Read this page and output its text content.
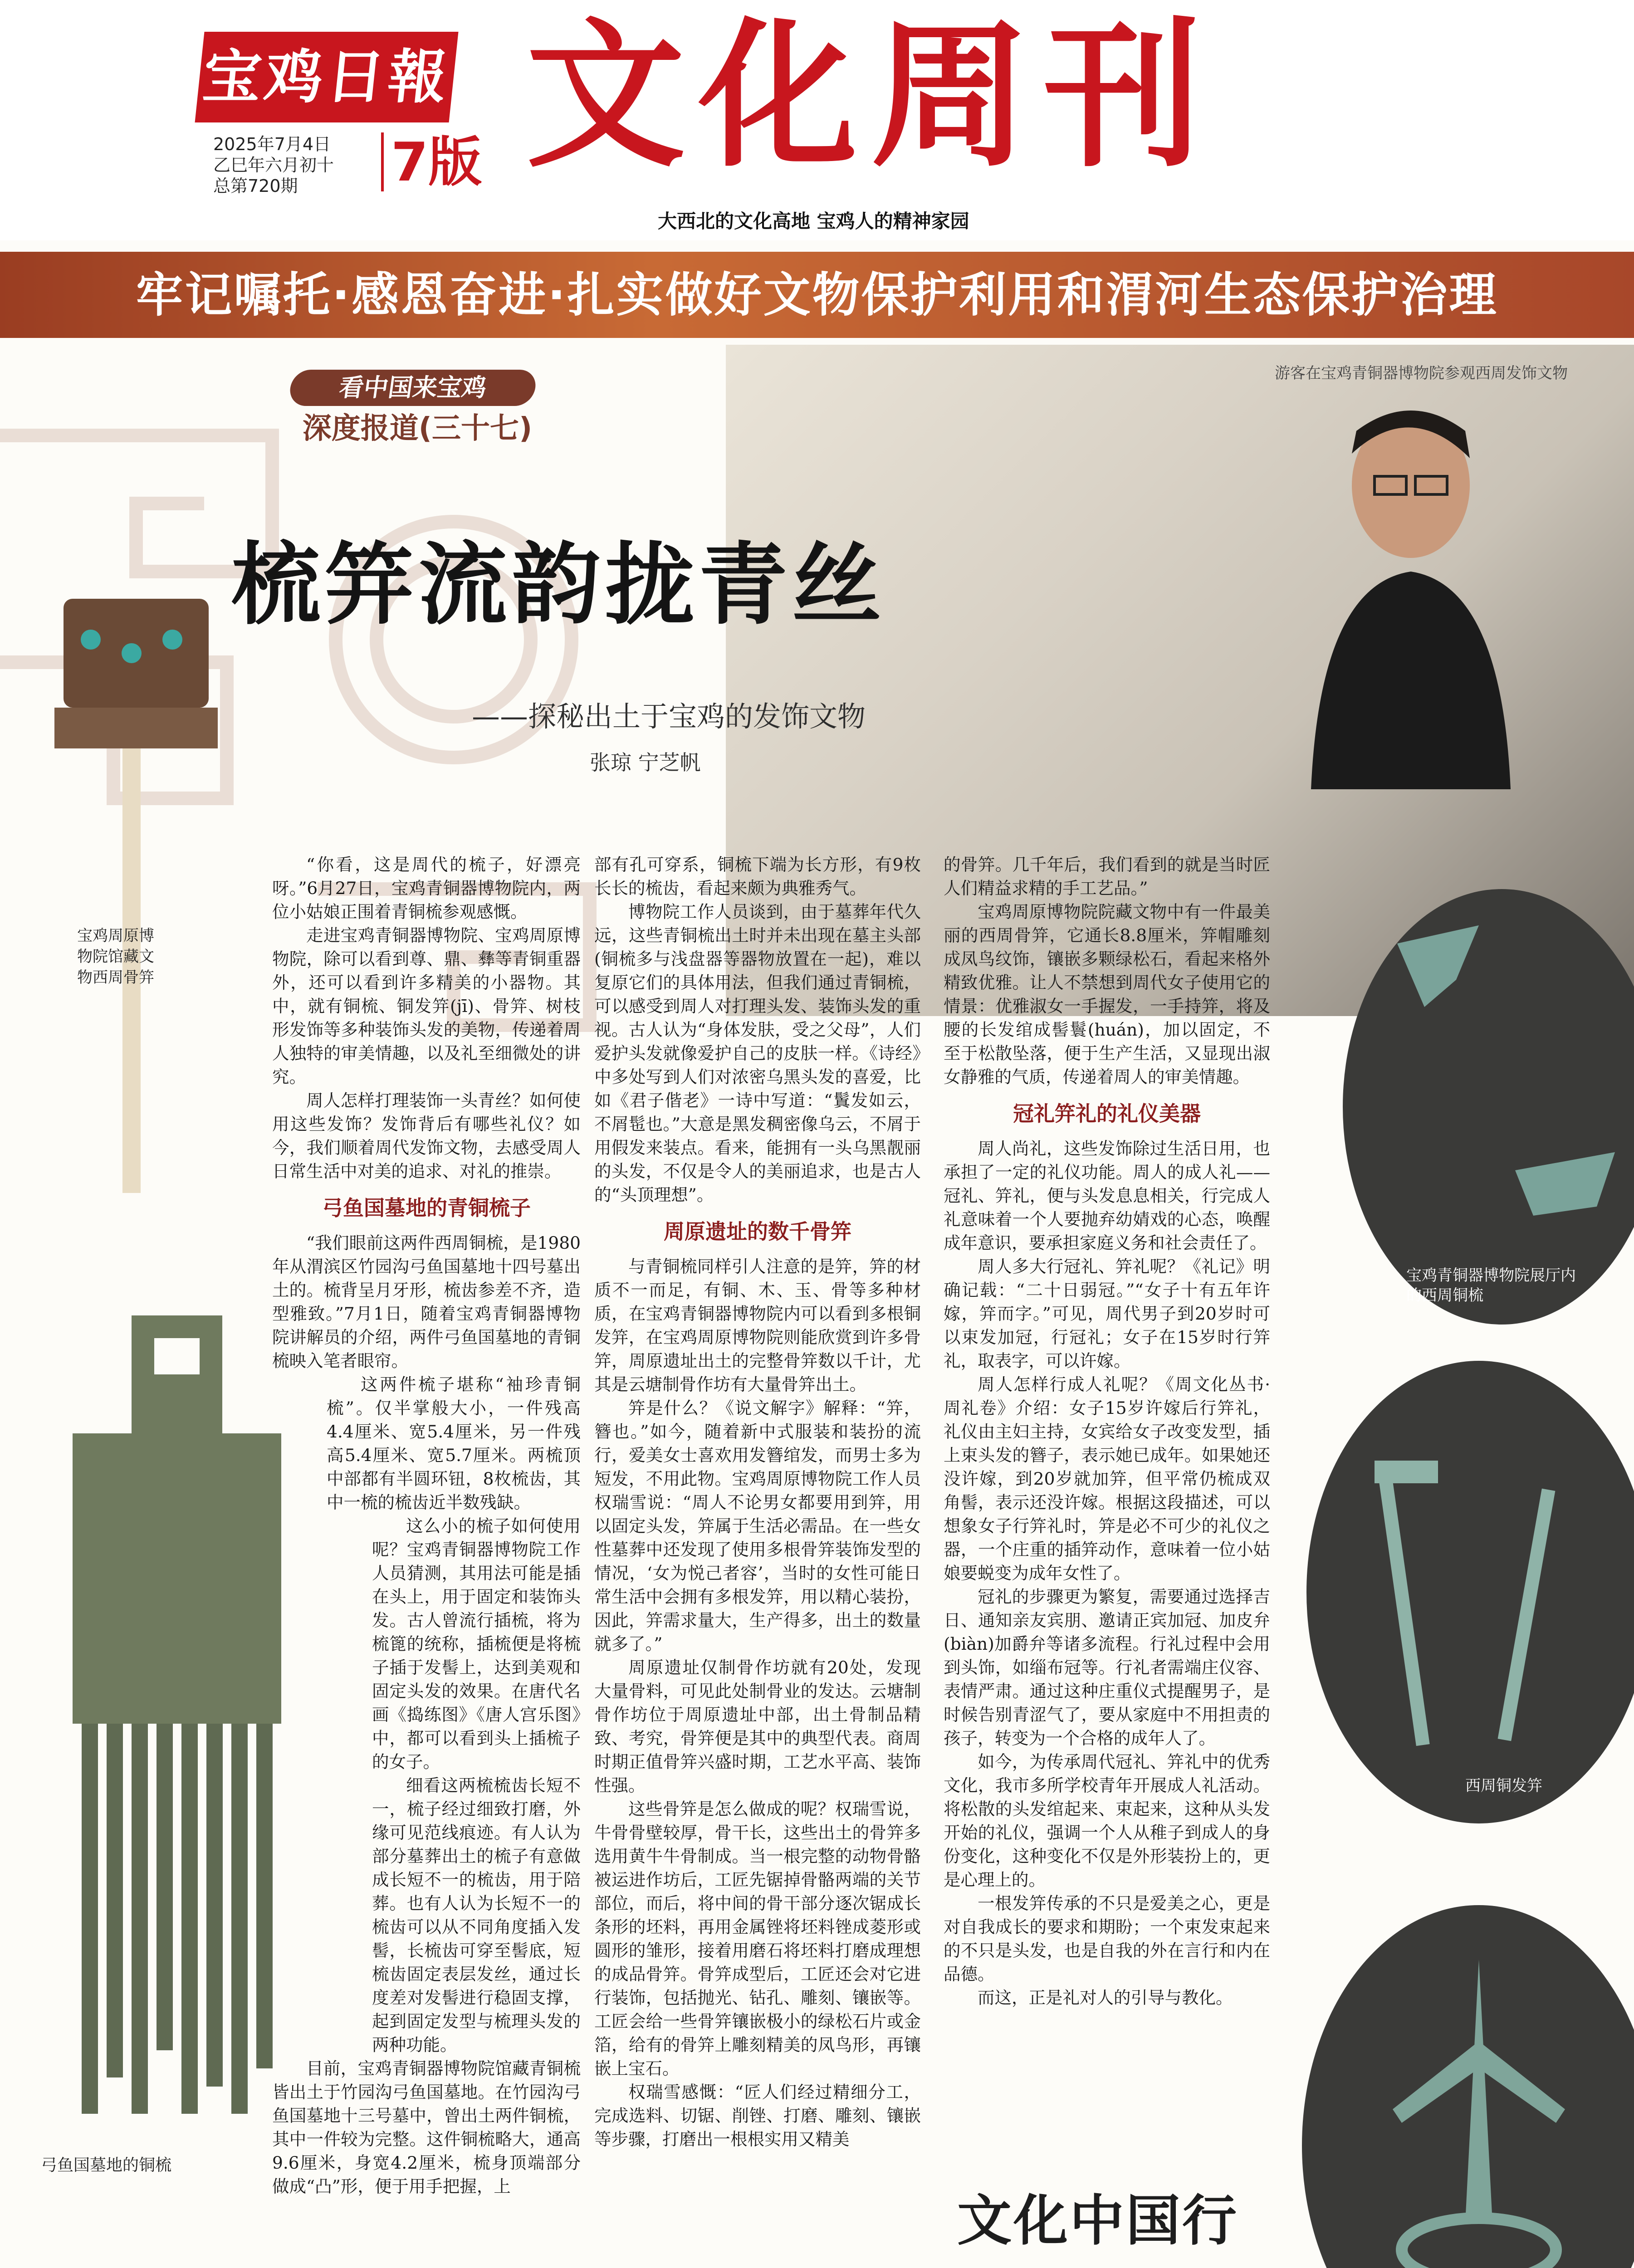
宝鸡日報
2025年7月4日
乙巳年六月初十
总第720期	7版 文化周刊
大西北的文化高地 宝鸡人的精神家园
牢记嘱托·感恩奋进·扎实做好文物保护利用和渭河生态保护治理
游客在宝鸡青铜器博物院参观西周发饰文物
看中国来宝鸡
深度报道(三十七)
梳笄流韵拢青丝
——探秘出土于宝鸡的发饰文物
张琼 宁芝帆
宝鸡周原博物院馆藏文物西周骨笄

“你看，这是周代的梳子，好漂亮呀。”6月27日，宝鸡青铜器博物院内，两位小姑娘正围着青铜梳参观感慨。

走进宝鸡青铜器博物院、宝鸡周原博物院，除可以看到尊、鼎、彝等青铜重器外，还可以看到许多精美的小器物。其中，就有铜梳、铜发笄(jī)、骨笄、树枝形发饰等多种装饰头发的美物，传递着周人独特的审美情趣，以及礼至细微处的讲究。

周人怎样打理装饰一头青丝？如何使用这些发饰？发饰背后有哪些礼仪？如今，我们顺着周代发饰文物，去感受周人日常生活中对美的追求、对礼的推崇。

弓鱼国墓地的青铜梳子

“我们眼前这两件西周铜梳，是1980年从渭滨区竹园沟弓鱼国墓地十四号墓出土的。梳背呈月牙形，梳齿参差不齐，造型雅致。”7月1日，随着宝鸡青铜器博物院讲解员的介绍，两件弓鱼国墓地的青铜梳映入笔者眼帘。

这两件梳子堪称“袖珍青铜梳”。仅半掌般大小，一件残高4.4厘米、宽5.4厘米，另一件残高5.4厘米、宽5.7厘米。两梳顶中部都有半圆环钮，8枚梳齿，其中一梳的梳齿近半数残缺。

这么小的梳子如何使用呢？宝鸡青铜器博物院工作人员猜测，其用法可能是插在头上，用于固定和装饰头发。古人曾流行插梳，将为梳篦的统称，插梳便是将梳子插于发髻上，达到美观和固定头发的效果。在唐代名画《捣练图》《唐人宫乐图》中，都可以看到头上插梳子的女子。

细看这两梳梳齿长短不一，梳子经过细致打磨，外缘可见范线痕迹。有人认为部分墓葬出土的梳子有意做成长短不一的梳齿，用于陪葬。也有人认为长短不一的梳齿可以从不同角度插入发髻，长梳齿可穿至髻底，短梳齿固定表层发丝，通过长度差对发髻进行稳固支撑，起到固定发型与梳理头发的两种功能。

目前，宝鸡青铜器博物院馆藏青铜梳皆出土于竹园沟弓鱼国墓地。在竹园沟弓鱼国墓地十三号墓中，曾出土两件铜梳，其中一件较为完整。这件铜梳略大，通高9.6厘米，身宽4.2厘米，梳身顶端部分做成“凸”形，便于用手把握，上

弓鱼国墓地的铜梳

部有孔可穿系，铜梳下端为长方形，有9枚长长的梳齿，看起来颇为典雅秀气。

博物院工作人员谈到，由于墓葬年代久远，这些青铜梳出土时并未出现在墓主头部(铜梳多与浅盘器等器物放置在一起)，难以复原它们的具体用法，但我们通过青铜梳，可以感受到周人对打理头发、装饰头发的重视。古人认为“身体发肤，受之父母”，人们爱护头发就像爱护自己的皮肤一样。《诗经》中多处写到人们对浓密乌黑头发的喜爱，比如《君子偕老》一诗中写道：“鬒发如云，不屑髢也。”大意是黑发稠密像乌云，不屑于用假发来装点。看来，能拥有一头乌黑靓丽的头发，不仅是令人的美丽追求，也是古人的“头顶理想”。

周原遗址的数千骨笄

与青铜梳同样引人注意的是笄，笄的材质不一而足，有铜、木、玉、骨等多种材质，在宝鸡青铜器博物院内可以看到多根铜发笄，在宝鸡周原博物院则能欣赏到许多骨笄，周原遗址出土的完整骨笄数以千计，尤其是云塘制骨作坊有大量骨笄出土。

笄是什么？《说文解字》解释：“笄，簪也。”如今，随着新中式服装和装扮的流行，爱美女士喜欢用发簪绾发，而男士多为短发，不用此物。宝鸡周原博物院工作人员权瑞雪说：“周人不论男女都要用到笄，用以固定头发，笄属于生活必需品。在一些女性墓葬中还发现了使用多根骨笄装饰发型的情况，‘女为悦己者容’，当时的女性可能日常生活中会拥有多根发笄，用以精心装扮，因此，笄需求量大，生产得多，出土的数量就多了。”

周原遗址仅制骨作坊就有20处，发现大量骨料，可见此处制骨业的发达。云塘制骨作坊位于周原遗址中部，出土骨制品精致、考究，骨笄便是其中的典型代表。商周时期正值骨笄兴盛时期，工艺水平高、装饰性强。

这些骨笄是怎么做成的呢？权瑞雪说，牛骨骨壁较厚，骨干长，这些出土的骨笄多选用黄牛牛骨制成。当一根完整的动物骨骼被运进作坊后，工匠先锯掉骨骼两端的关节部位，而后，将中间的骨干部分逐次锯成长条形的坯料，再用金属锉将坯料锉成菱形或圆形的雏形，接着用磨石将坯料打磨成理想的成品骨笄。骨笄成型后，工匠还会对它进行装饰，包括抛光、钻孔、雕刻、镶嵌等。工匠会给一些骨笄镶嵌极小的绿松石片或金箔，给有的骨笄上雕刻精美的凤鸟形，再镶嵌上宝石。

权瑞雪感慨：“匠人们经过精细分工，完成选料、切锯、削锉、打磨、雕刻、镶嵌等步骤，打磨出一根根实用又精美

的骨笄。几千年后，我们看到的就是当时匠人们精益求精的手工艺品。”

宝鸡周原博物院院藏文物中有一件最美丽的西周骨笄，它通长8.8厘米，笄帽雕刻成凤鸟纹饰，镶嵌多颗绿松石，看起来格外精致优雅。让人不禁想到周代女子使用它的情景：优雅淑女一手握发，一手持笄，将及腰的长发绾成髻鬟(huán)，加以固定，不至于松散坠落，便于生产生活，又显现出淑女静雅的气质，传递着周人的审美情趣。

冠礼笄礼的礼仪美器

周人尚礼，这些发饰除过生活日用，也承担了一定的礼仪功能。周人的成人礼——冠礼、笄礼，便与头发息息相关，行完成人礼意味着一个人要抛弃幼婧戏的心态，唤醒成年意识，要承担家庭义务和社会责任了。

周人多大行冠礼、笄礼呢？《礼记》明确记载：“二十日弱冠。”“女子十有五年许嫁，笄而字。”可见，周代男子到20岁时可以束发加冠，行冠礼；女子在15岁时行笄礼，取表字，可以许嫁。

周人怎样行成人礼呢？《周文化丛书·周礼卷》介绍：女子15岁许嫁后行笄礼，礼仪由主妇主持，女宾给女子改变发型，插上束头发的簪子，表示她已成年。如果她还没许嫁，到20岁就加笄，但平常仍梳成双角髻，表示还没许嫁。根据这段描述，可以想象女子行笄礼时，笄是必不可少的礼仪之器，一个庄重的插笄动作，意味着一位小姑娘要蜕变为成年女性了。

冠礼的步骤更为繁复，需要通过选择吉日、通知亲友宾朋、邀请正宾加冠、加皮弁(biàn)加爵弁等诸多流程。行礼过程中会用到头饰，如缁布冠等。行礼者需端庄仪容、表情严肃。通过这种庄重仪式提醒男子，是时候告别青涩气了，要从家庭中不用担责的孩子，转变为一个合格的成年人了。

如今，为传承周代冠礼、笄礼中的优秀文化，我市多所学校青年开展成人礼活动。将松散的头发绾起来、束起来，这种从头发开始的礼仪，强调一个人从稚子到成人的身份变化，这种变化不仅是外形装扮上的，更是心理上的。

一根发笄传承的不只是爱美之心，更是对自我成长的要求和期盼；一个束发束起来的不只是头发，也是自我的外在言行和内在品德。

而这，正是礼对人的引导与教化。

宝鸡青铜器博物院展厅内的西周铜梳
西周铜发笄
文化中国行
